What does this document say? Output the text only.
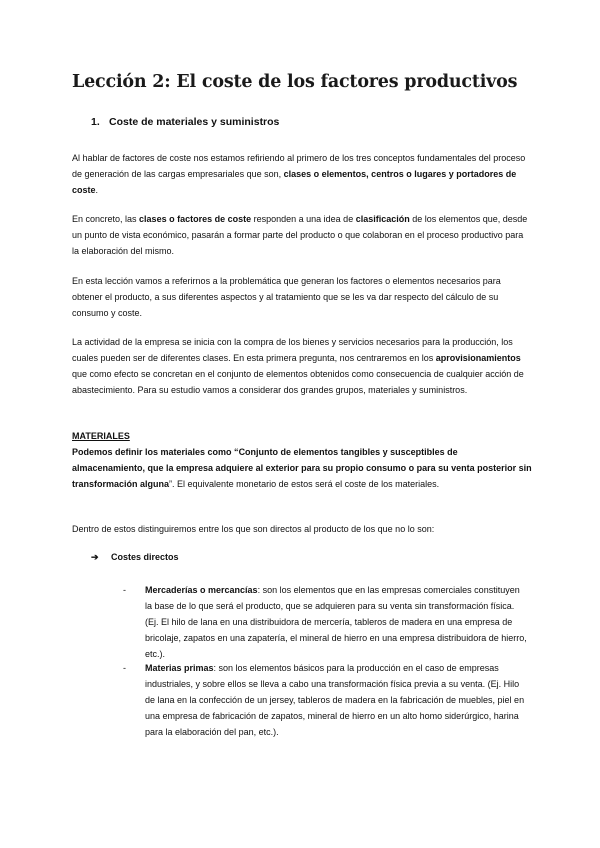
Lección 2: El coste de los factores productivos
1. Coste de materiales y suministros

Al hablar de factores de coste nos estamos refiriendo al primero de los tres conceptos fundamentales del proceso de generación de las cargas empresariales que son, clases o elementos, centros o lugares y portadores de coste.

En concreto, las clases o factores de coste responden a una idea de clasificación de los elementos que, desde un punto de vista económico, pasarán a formar parte del producto o que colaboran en el proceso productivo para la elaboración del mismo.

En esta lección vamos a referirnos a la problemática que generan los factores o elementos necesarios para obtener el producto, a sus diferentes aspectos y al tratamiento que se les va dar respecto del cálculo de su consumo y coste.

La actividad de la empresa se inicia con la compra de los bienes y servicios necesarios para la producción, los cuales pueden ser de diferentes clases. En esta primera pregunta, nos centraremos en los aprovisionamientos que como efecto se concretan en el conjunto de elementos obtenidos como consecuencia de cualquier acción de abastecimiento. Para su estudio vamos a considerar dos grandes grupos, materiales y suministros.

MATERIALES
Podemos definir los materiales como “Conjunto de elementos tangibles y susceptibles de almacenamiento, que la empresa adquiere al exterior para su propio consumo o para su venta posterior sin transformación alguna”. El equivalente monetario de estos será el coste de los materiales.

Dentro de estos distinguiremos entre los que son directos al producto de los que no lo son:

➔ Costes directos
- Mercaderías o mercancías: son los elementos que en las empresas comerciales constituyen la base de lo que será el producto, que se adquieren para su venta sin transformación física. (Ej. El hilo de lana en una distribuidora de mercería, tableros de madera en una empresa de bricolaje, zapatos en una zapatería, el mineral de hierro en una empresa distribuidora de hierro, etc.).
- Materias primas: son los elementos básicos para la producción en el caso de empresas industriales, y sobre ellos se lleva a cabo una transformación física previa a su venta. (Ej. Hilo de lana en la confección de un jersey, tableros de madera en la fabricación de muebles, piel en una empresa de fabricación de zapatos, mineral de hierro en un alto homo siderúrgico, harina para la elaboración del pan, etc.).
